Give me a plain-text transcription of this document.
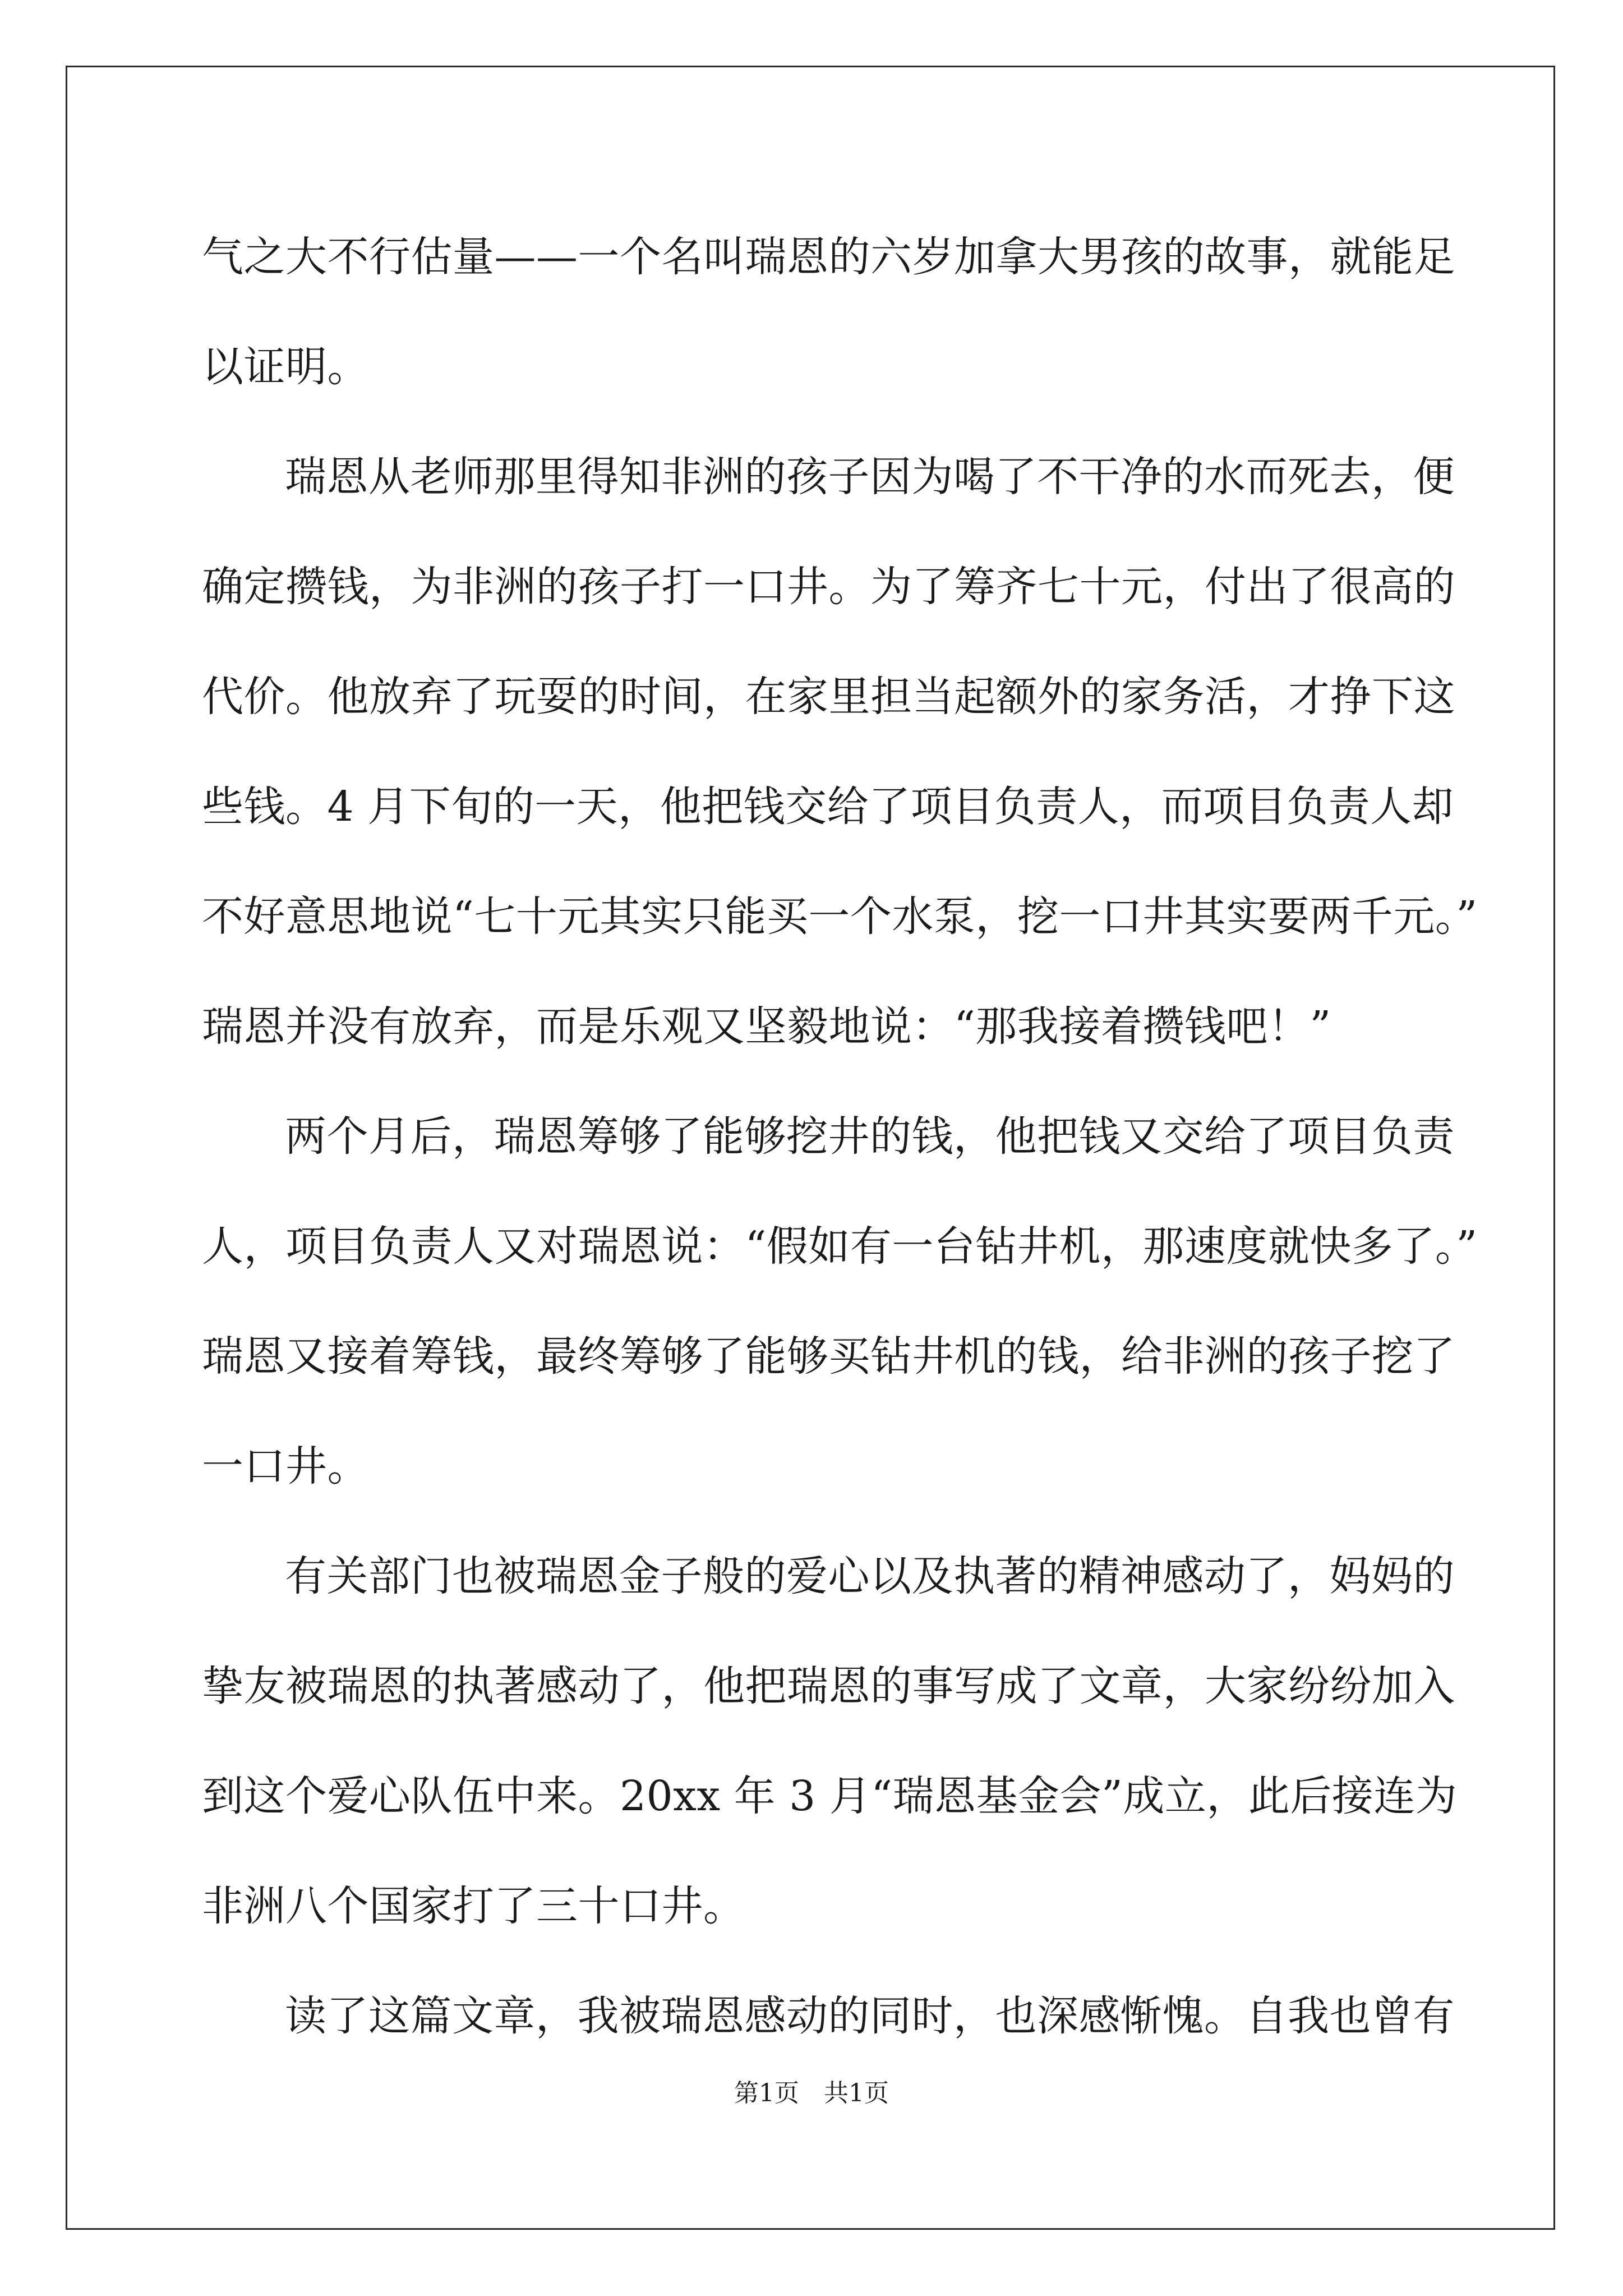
气之大不行估量——一个名叫瑞恩的六岁加拿大男孩的故事，就能足
以证明。
瑞恩从老师那里得知非洲的孩子因为喝了不干净的水而死去，便
确定攒钱，为非洲的孩子打一口井。为了筹齐七十元，付出了很高的
代价。他放弃了玩耍的时间，在家里担当起额外的家务活，才挣下这
些钱。4 月下旬的一天，他把钱交给了项目负责人，而项目负责人却
不好意思地说“七十元其实只能买一个水泵，挖一口井其实要两千元。”
瑞恩并没有放弃，而是乐观又坚毅地说：“那我接着攒钱吧！”
两个月后，瑞恩筹够了能够挖井的钱，他把钱又交给了项目负责
人，项目负责人又对瑞恩说：“假如有一台钻井机，那速度就快多了。”
瑞恩又接着筹钱，最终筹够了能够买钻井机的钱，给非洲的孩子挖了
一口井。
有关部门也被瑞恩金子般的爱心以及执著的精神感动了，妈妈的
挚友被瑞恩的执著感动了，他把瑞恩的事写成了文章，大家纷纷加入
到这个爱心队伍中来。20xx 年 3 月“瑞恩基金会”成立，此后接连为
非洲八个国家打了三十口井。
读了这篇文章，我被瑞恩感动的同时，也深感惭愧。自我也曾有
第1页　共1页
